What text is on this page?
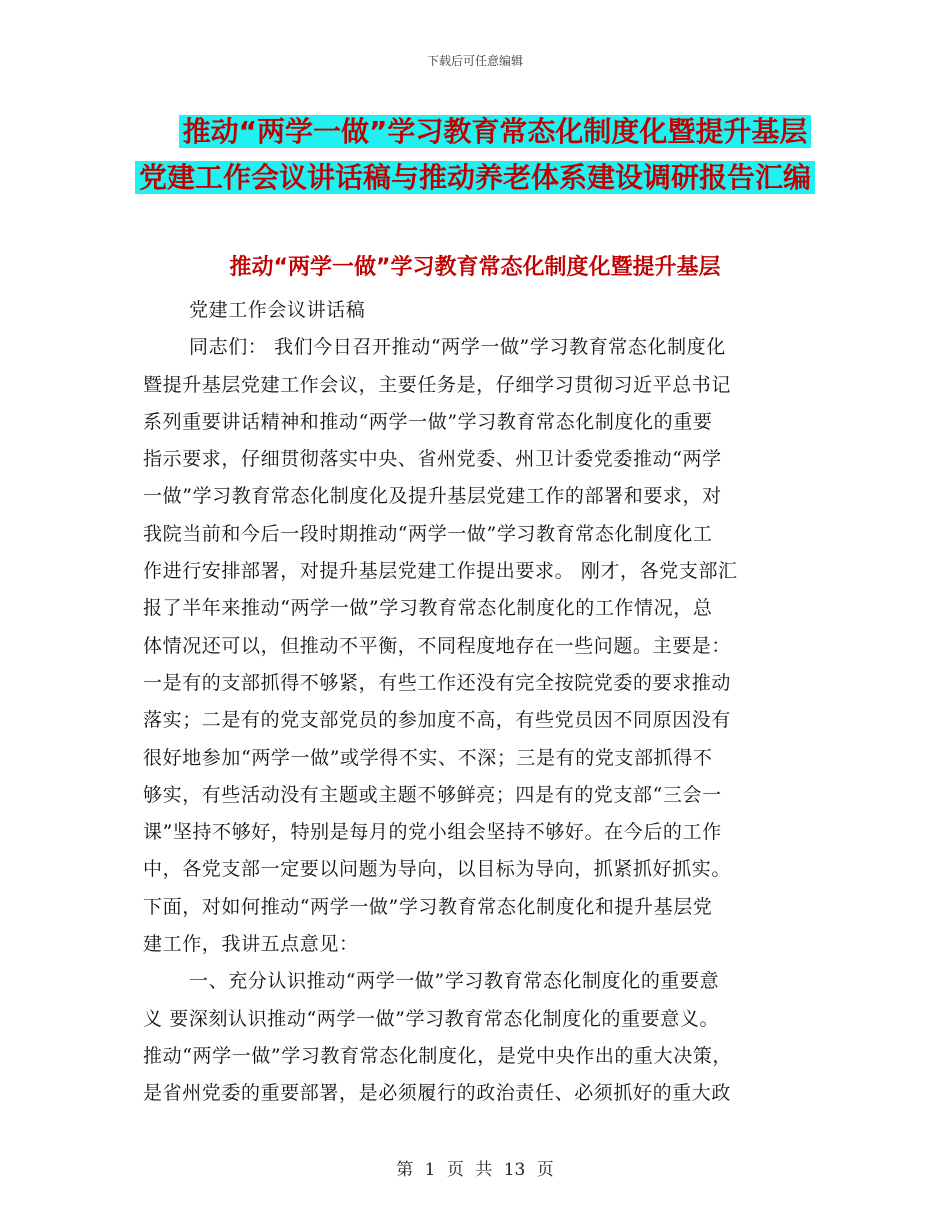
下载后可任意编辑
推动“两学一做”学习教育常态化制度化暨提升基层
党建工作会议讲话稿与推动养老体系建设调研报告汇编
推动“两学一做”学习教育常态化制度化暨提升基层
党建工作会议讲话稿
同志们： 我们今日召开推动“两学一做”学习教育常态化制度化
暨提升基层党建工作会议，主要任务是，仔细学习贯彻习近平总书记
系列重要讲话精神和推动“两学一做”学习教育常态化制度化的重要
指示要求，仔细贯彻落实中央、省州党委、州卫计委党委推动“两学
一做”学习教育常态化制度化及提升基层党建工作的部署和要求，对
我院当前和今后一段时期推动“两学一做”学习教育常态化制度化工
作进行安排部署，对提升基层党建工作提出要求。 刚才，各党支部汇
报了半年来推动“两学一做”学习教育常态化制度化的工作情况，总
体情况还可以，但推动不平衡，不同程度地存在一些问题。主要是：
一是有的支部抓得不够紧，有些工作还没有完全按院党委的要求推动
落实；二是有的党支部党员的参加度不高，有些党员因不同原因没有
很好地参加“两学一做”或学得不实、不深；三是有的党支部抓得不
够实，有些活动没有主题或主题不够鲜亮；四是有的党支部“三会一
课”坚持不够好，特别是每月的党小组会坚持不够好。在今后的工作
中，各党支部一定要以问题为导向，以目标为导向，抓紧抓好抓实。
下面，对如何推动“两学一做”学习教育常态化制度化和提升基层党
建工作，我讲五点意见：
一、充分认识推动“两学一做”学习教育常态化制度化的重要意
义 要深刻认识推动“两学一做”学习教育常态化制度化的重要意义。
推动“两学一做”学习教育常态化制度化，是党中央作出的重大决策，
是省州党委的重要部署，是必须履行的政治责任、必须抓好的重大政
第 1 页 共 13 页
